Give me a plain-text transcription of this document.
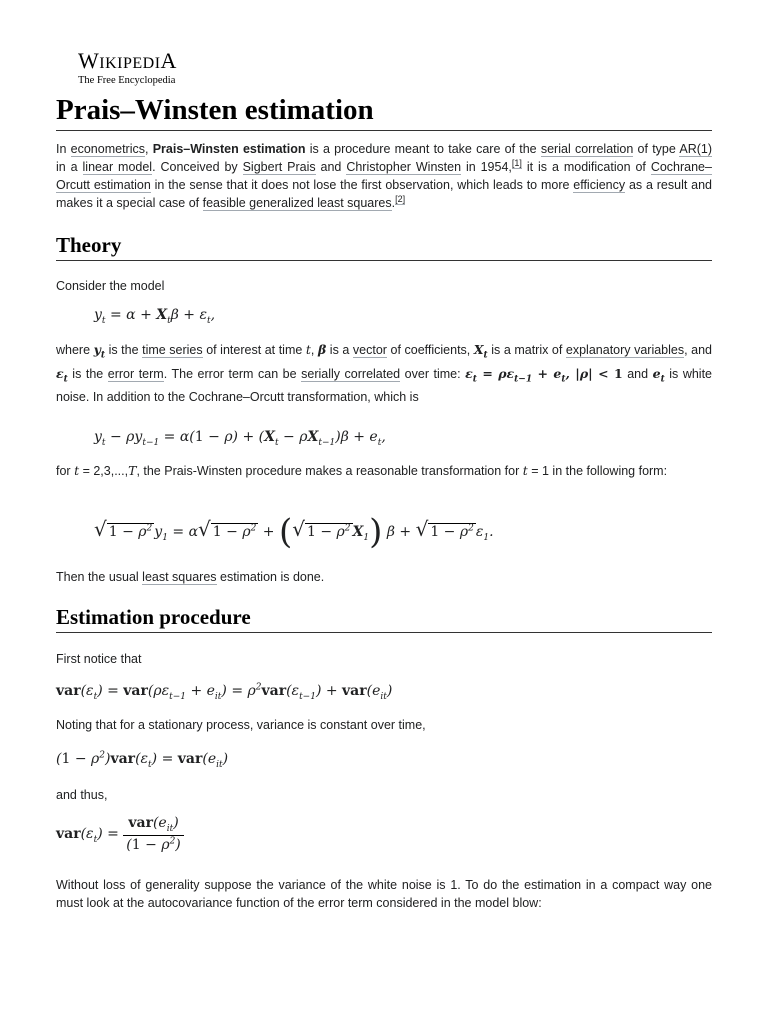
WIKIPEDIA
The Free Encyclopedia
Prais–Winsten estimation

In econometrics, Prais–Winsten estimation is a procedure meant to take care of the serial correlation of type AR(1) in a linear model. Conceived by Sigbert Prais and Christopher Winsten in 1954,[1] it is a modification of Cochrane–Orcutt estimation in the sense that it does not lose the first observation, which leads to more efficiency as a result and makes it a special case of feasible generalized least squares.[2]

Theory

Consider the model

$y_t = \alpha + X_t\beta + \varepsilon_t$,

where $y_t$ is the time series of interest at time t, β is a vector of coefficients, $X_t$ is a matrix of explanatory variables, and $\varepsilon_t$ is the error term. The error term can be serially correlated over time: $\varepsilon_t = \rho\varepsilon_{t-1} + e_t$, |ρ| < 1 and $e_t$ is white noise. In addition to the Cochrane–Orcutt transformation, which is

$y_t - \rho y_{t-1} = \alpha(1 - \rho) + (X_t - \rho X_{t-1})\beta + e_t$,

for t = 2,3,...,T, the Prais-Winsten procedure makes a reasonable transformation for t = 1 in the following form:

√ $1 - \rho^2$ $y_1 = \alpha√$ $1 - \rho^2$ + (√ $1 - \rho^2$ $X_1$) β + √ $1 - \rho^2$ $\varepsilon_1$.

Then the usual least squares estimation is done.

Estimation procedure

First notice that

$var(\varepsilon_t) = var(\rho\varepsilon_{t-1} + e_{it}) = \rho^2var(\varepsilon_{t-1}) + var(e_{it})$

Noting that for a stationary process, variance is constant over time,

$(1 - \rho^2)var(\varepsilon_t) = var(e_{it})$

and thus,

$var(\varepsilon_t) = \frac{var(e_{it})}{(1 - \rho^2)}$

Without loss of generality suppose the variance of the white noise is 1. To do the estimation in a compact way one must look at the autocovariance function of the error term considered in the model blow:
